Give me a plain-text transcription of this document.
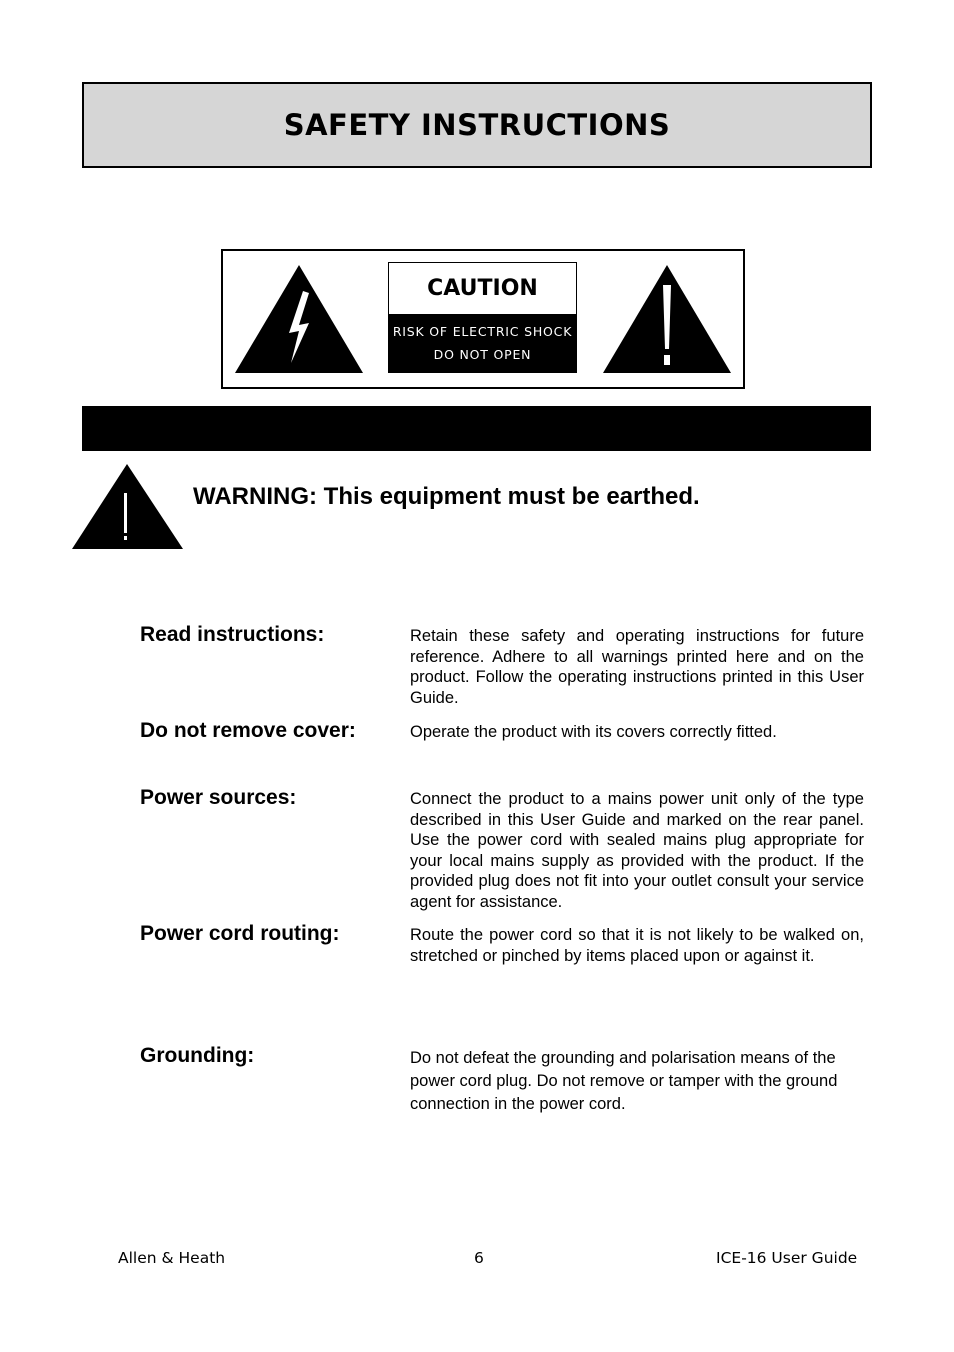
SAFETY INSTRUCTIONS
CAUTION
RISK OF ELECTRIC SHOCK
DO NOT OPEN

WARNING: This equipment must be earthed.

Read instructions:	Retain these safety and operating instructions for future reference. Adhere to all warnings printed here and on the product. Follow the operating instructions printed in this User Guide.

Do not remove cover:	Operate the product with its covers correctly fitted.

Power sources:	Connect the product to a mains power unit only of the type described in this User Guide and marked on the rear panel. Use the power cord with sealed mains plug appropriate for your local mains supply as provided with the product. If the provided plug does not fit into your outlet consult your service agent for assistance.

Power cord routing:	Route the power cord so that it is not likely to be walked on, stretched or pinched by items placed upon or against it.

Grounding:	Do not defeat the grounding and polarisation means of the power cord plug. Do not remove or tamper with the ground connection in the power cord.

Allen & Heath	6	ICE-16 User Guide
